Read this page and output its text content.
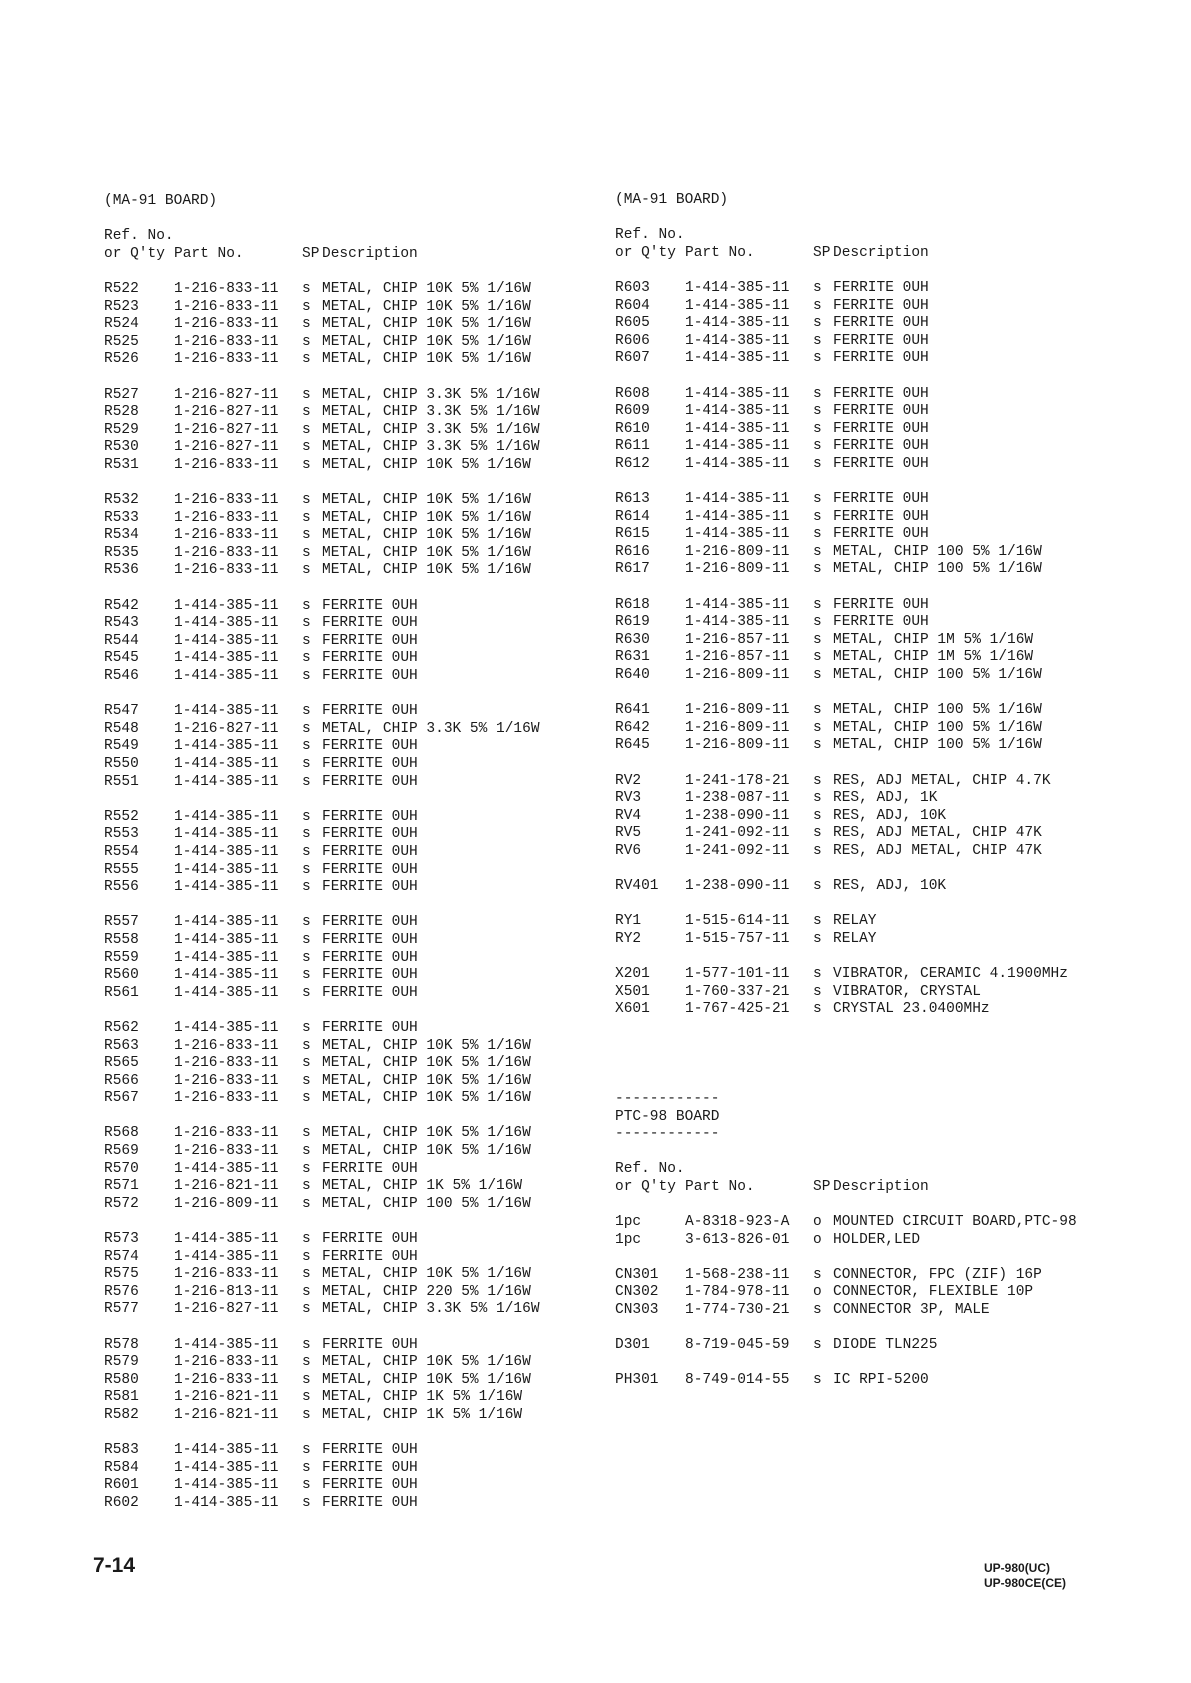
(MA-91 BOARD)
Ref. No.
or Q'ty Part No.	SP Description
R522	1-216-833-11	s METAL, CHIP 10K 5% 1/16W
R523	1-216-833-11	s METAL, CHIP 10K 5% 1/16W
R524	1-216-833-11	s METAL, CHIP 10K 5% 1/16W
R525	1-216-833-11	s METAL, CHIP 10K 5% 1/16W
R526	1-216-833-11	s METAL, CHIP 10K 5% 1/16W
R527	1-216-827-11	s METAL, CHIP 3.3K 5% 1/16W
R528	1-216-827-11	s METAL, CHIP 3.3K 5% 1/16W
R529	1-216-827-11	s METAL, CHIP 3.3K 5% 1/16W
R530	1-216-827-11	s METAL, CHIP 3.3K 5% 1/16W
R531	1-216-833-11	s METAL, CHIP 10K 5% 1/16W
R532	1-216-833-11	s METAL, CHIP 10K 5% 1/16W
R533	1-216-833-11	s METAL, CHIP 10K 5% 1/16W
R534	1-216-833-11	s METAL, CHIP 10K 5% 1/16W
R535	1-216-833-11	s METAL, CHIP 10K 5% 1/16W
R536	1-216-833-11	s METAL, CHIP 10K 5% 1/16W
R542	1-414-385-11	s FERRITE 0UH
R543	1-414-385-11	s FERRITE 0UH
R544	1-414-385-11	s FERRITE 0UH
R545	1-414-385-11	s FERRITE 0UH
R546	1-414-385-11	s FERRITE 0UH
R547	1-414-385-11	s FERRITE 0UH
R548	1-216-827-11	s METAL, CHIP 3.3K 5% 1/16W
R549	1-414-385-11	s FERRITE 0UH
R550	1-414-385-11	s FERRITE 0UH
R551	1-414-385-11	s FERRITE 0UH
R552	1-414-385-11	s FERRITE 0UH
R553	1-414-385-11	s FERRITE 0UH
R554	1-414-385-11	s FERRITE 0UH
R555	1-414-385-11	s FERRITE 0UH
R556	1-414-385-11	s FERRITE 0UH
R557	1-414-385-11	s FERRITE 0UH
R558	1-414-385-11	s FERRITE 0UH
R559	1-414-385-11	s FERRITE 0UH
R560	1-414-385-11	s FERRITE 0UH
R561	1-414-385-11	s FERRITE 0UH
R562	1-414-385-11	s FERRITE 0UH
R563	1-216-833-11	s METAL, CHIP 10K 5% 1/16W
R565	1-216-833-11	s METAL, CHIP 10K 5% 1/16W
R566	1-216-833-11	s METAL, CHIP 10K 5% 1/16W
R567	1-216-833-11	s METAL, CHIP 10K 5% 1/16W
R568	1-216-833-11	s METAL, CHIP 10K 5% 1/16W
R569	1-216-833-11	s METAL, CHIP 10K 5% 1/16W
R570	1-414-385-11	s FERRITE 0UH
R571	1-216-821-11	s METAL, CHIP 1K 5% 1/16W
R572	1-216-809-11	s METAL, CHIP 100 5% 1/16W
R573	1-414-385-11	s FERRITE 0UH
R574	1-414-385-11	s FERRITE 0UH
R575	1-216-833-11	s METAL, CHIP 10K 5% 1/16W
R576	1-216-813-11	s METAL, CHIP 220 5% 1/16W
R577	1-216-827-11	s METAL, CHIP 3.3K 5% 1/16W
R578	1-414-385-11	s FERRITE 0UH
R579	1-216-833-11	s METAL, CHIP 10K 5% 1/16W
R580	1-216-833-11	s METAL, CHIP 10K 5% 1/16W
R581	1-216-821-11	s METAL, CHIP 1K 5% 1/16W
R582	1-216-821-11	s METAL, CHIP 1K 5% 1/16W
R583	1-414-385-11	s FERRITE 0UH
R584	1-414-385-11	s FERRITE 0UH
R601	1-414-385-11	s FERRITE 0UH
R602	1-414-385-11	s FERRITE 0UH
(MA-91 BOARD)
Ref. No.
or Q'ty Part No.	SP Description
R603	1-414-385-11	s FERRITE 0UH
R604	1-414-385-11	s FERRITE 0UH
R605	1-414-385-11	s FERRITE 0UH
R606	1-414-385-11	s FERRITE 0UH
R607	1-414-385-11	s FERRITE 0UH
R608	1-414-385-11	s FERRITE 0UH
R609	1-414-385-11	s FERRITE 0UH
R610	1-414-385-11	s FERRITE 0UH
R611	1-414-385-11	s FERRITE 0UH
R612	1-414-385-11	s FERRITE 0UH
R613	1-414-385-11	s FERRITE 0UH
R614	1-414-385-11	s FERRITE 0UH
R615	1-414-385-11	s FERRITE 0UH
R616	1-216-809-11	s METAL, CHIP 100 5% 1/16W
R617	1-216-809-11	s METAL, CHIP 100 5% 1/16W
R618	1-414-385-11	s FERRITE 0UH
R619	1-414-385-11	s FERRITE 0UH
R630	1-216-857-11	s METAL, CHIP 1M 5% 1/16W
R631	1-216-857-11	s METAL, CHIP 1M 5% 1/16W
R640	1-216-809-11	s METAL, CHIP 100 5% 1/16W
R641	1-216-809-11	s METAL, CHIP 100 5% 1/16W
R642	1-216-809-11	s METAL, CHIP 100 5% 1/16W
R645	1-216-809-11	s METAL, CHIP 100 5% 1/16W
RV2	1-241-178-21	s RES, ADJ METAL, CHIP 4.7K
RV3	1-238-087-11	s RES, ADJ, 1K
RV4	1-238-090-11	s RES, ADJ, 10K
RV5	1-241-092-11	s RES, ADJ METAL, CHIP 47K
RV6	1-241-092-11	s RES, ADJ METAL, CHIP 47K
RV401	1-238-090-11	s RES, ADJ, 10K
RY1	1-515-614-11	s RELAY
RY2	1-515-757-11	s RELAY
X201	1-577-101-11	s VIBRATOR, CERAMIC 4.1900MHz
X501	1-760-337-21	s VIBRATOR, CRYSTAL
X601	1-767-425-21	s CRYSTAL 23.0400MHz
------------
PTC-98 BOARD
------------
Ref. No.
or Q'ty Part No.	SP Description
1pc	A-8318-923-A	o MOUNTED CIRCUIT BOARD,PTC-98
1pc	3-613-826-01	o HOLDER,LED
CN301	1-568-238-11	s CONNECTOR, FPC (ZIF) 16P
CN302	1-784-978-11	o CONNECTOR, FLEXIBLE 10P
CN303	1-774-730-21	s CONNECTOR 3P, MALE
D301	8-719-045-59	s DIODE TLN225
PH301	8-749-014-55	s IC RPI-5200
7-14	UP-980(UC)
UP-980CE(CE)
